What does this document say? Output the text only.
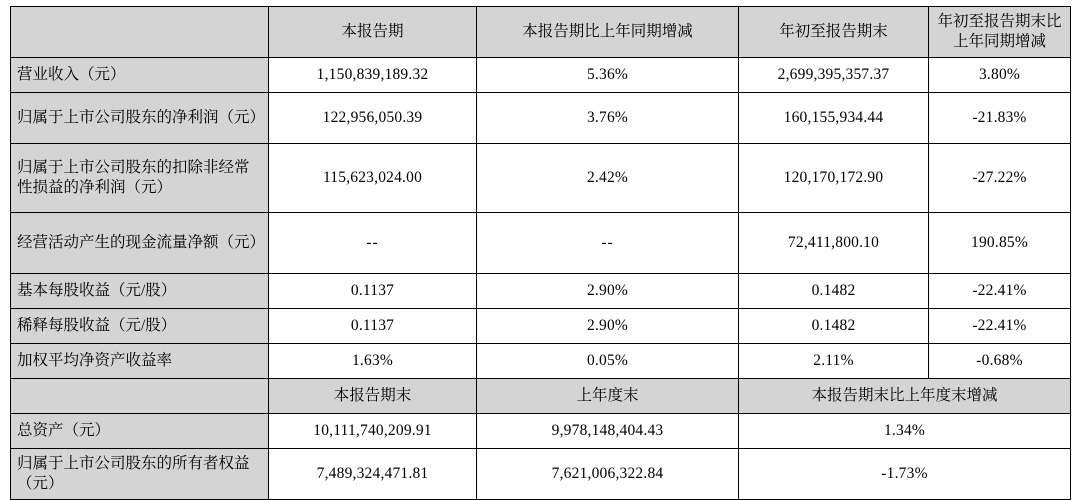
	本报告期	本报告期比上年同期增减	年初至报告期末	年初至报告期末比上年同期增减
营业收入（元）	1,150,839,189.32	5.36%	2,699,395,357.37	3.80%
归属于上市公司股东的净利润（元）	122,956,050.39	3.76%	160,155,934.44	-21.83%
归属于上市公司股东的扣除非经常性损益的净利润（元）	115,623,024.00	2.42%	120,170,172.90	-27.22%
经营活动产生的现金流量净额（元）	--	--	72,411,800.10	190.85%
基本每股收益（元/股）	0.1137	2.90%	0.1482	-22.41%
稀释每股收益（元/股）	0.1137	2.90%	0.1482	-22.41%
加权平均净资产收益率	1.63%	0.05%	2.11%	-0.68%
	本报告期末	上年度末	本报告期末比上年度末增减	
总资产（元）	10,111,740,209.91	9,978,148,404.43	1.34%	
归属于上市公司股东的所有者权益（元）	7,489,324,471.81	7,621,006,322.84	-1.73%	
